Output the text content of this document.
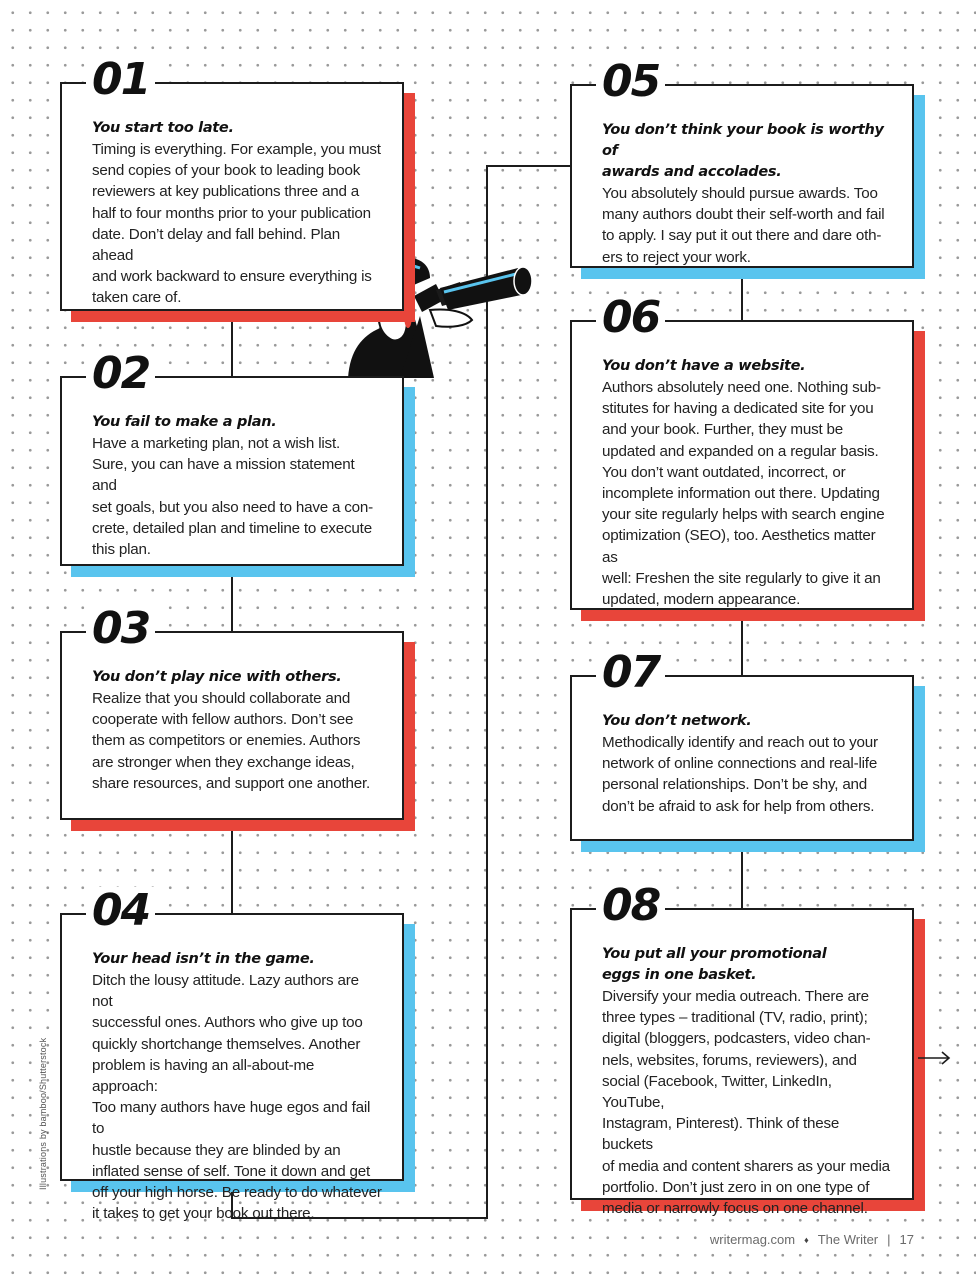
01
You start too late.
Timing is everything. For example, you must
send copies of your book to leading book
reviewers at key publications three and a
half to four months prior to your publication
date. Don’t delay and fall behind. Plan ahead
and work backward to ensure everything is
taken care of.
02
You fail to make a plan.
Have a marketing plan, not a wish list.
Sure, you can have a mission statement and
set goals, but you also need to have a con-
crete, detailed plan and timeline to execute
this plan.
03
You don’t play nice with others.
Realize that you should collaborate and
cooperate with fellow authors. Don’t see
them as competitors or enemies. Authors
are stronger when they exchange ideas,
share resources, and support one another.
04
Your head isn’t in the game.
Ditch the lousy attitude. Lazy authors are not
successful ones. Authors who give up too
quickly shortchange themselves. Another
problem is having an all-about-me approach:
Too many authors have huge egos and fail to
hustle because they are blinded by an
inflated sense of self. Tone it down and get
off your high horse. Be ready to do whatever
it takes to get your book out there.
05
You don’t think your book is worthy of
awards and accolades.
You absolutely should pursue awards. Too
many authors doubt their self-worth and fail
to apply. I say put it out there and dare oth-
ers to reject your work.
06
You don’t have a website.
Authors absolutely need one. Nothing sub-
stitutes for having a dedicated site for you
and your book. Further, they must be
updated and expanded on a regular basis.
You don’t want outdated, incorrect, or
incomplete information out there. Updating
your site regularly helps with search engine
optimization (SEO), too. Aesthetics matter as
well: Freshen the site regularly to give it an
updated, modern appearance.
07
You don’t network.
Methodically identify and reach out to your
network of online connections and real-life
personal relationships. Don’t be shy, and
don’t be afraid to ask for help from others.
08
You put all your promotional
eggs in one basket.
Diversify your media outreach. There are
three types – traditional (TV, radio, print);
digital (bloggers, podcasters, video chan-
nels, websites, forums, reviewers), and
social (Facebook, Twitter, LinkedIn, YouTube,
Instagram, Pinterest). Think of these buckets
of media and content sharers as your media
portfolio. Don’t just zero in on one type of
media or narrowly focus on one channel.
Illustrations by bamboo/Shutterstock
writermag.com ♦ The Writer | 17
